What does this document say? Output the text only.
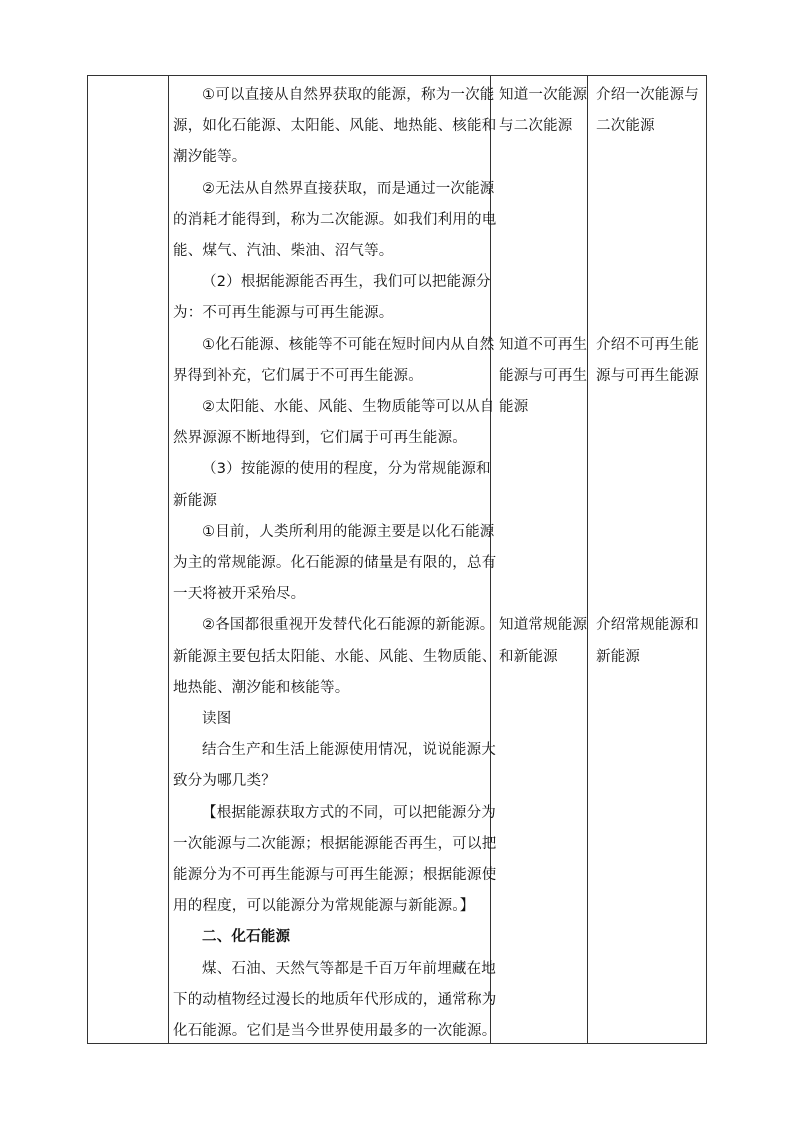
①可以直接从自然界获取的能源，称为一次能
源，如化石能源、太阳能、风能、地热能、核能和
潮汐能等。
②无法从自然界直接获取，而是通过一次能源
的消耗才能得到，称为二次能源。如我们利用的电
能、煤气、汽油、柴油、沼气等。
（2）根据能源能否再生，我们可以把能源分
为：不可再生能源与可再生能源。
①化石能源、核能等不可能在短时间内从自然
界得到补充，它们属于不可再生能源。
②太阳能、水能、风能、生物质能等可以从自
然界源源不断地得到，它们属于可再生能源。
（3）按能源的使用的程度，分为常规能源和
新能源
①目前，人类所利用的能源主要是以化石能源
为主的常规能源。化石能源的储量是有限的，总有
一天将被开采殆尽。
②各国都很重视开发替代化石能源的新能源。
新能源主要包括太阳能、水能、风能、生物质能、
地热能、潮汐能和核能等。
读图
结合生产和生活上能源使用情况，说说能源大
致分为哪几类？
【根据能源获取方式的不同，可以把能源分为
一次能源与二次能源；根据能源能否再生，可以把
能源分为不可再生能源与可再生能源；根据能源使
用的程度，可以能源分为常规能源与新能源。】
二、化石能源
煤、石油、天然气等都是千百万年前埋藏在地
下的动植物经过漫长的地质年代形成的，通常称为
化石能源。它们是当今世界使用最多的一次能源。
知道一次能源
与二次能源
知道不可再生
能源与可再生
能源
知道常规能源
和新能源
介绍一次能源与
二次能源
介绍不可再生能
源与可再生能源
介绍常规能源和
新能源
